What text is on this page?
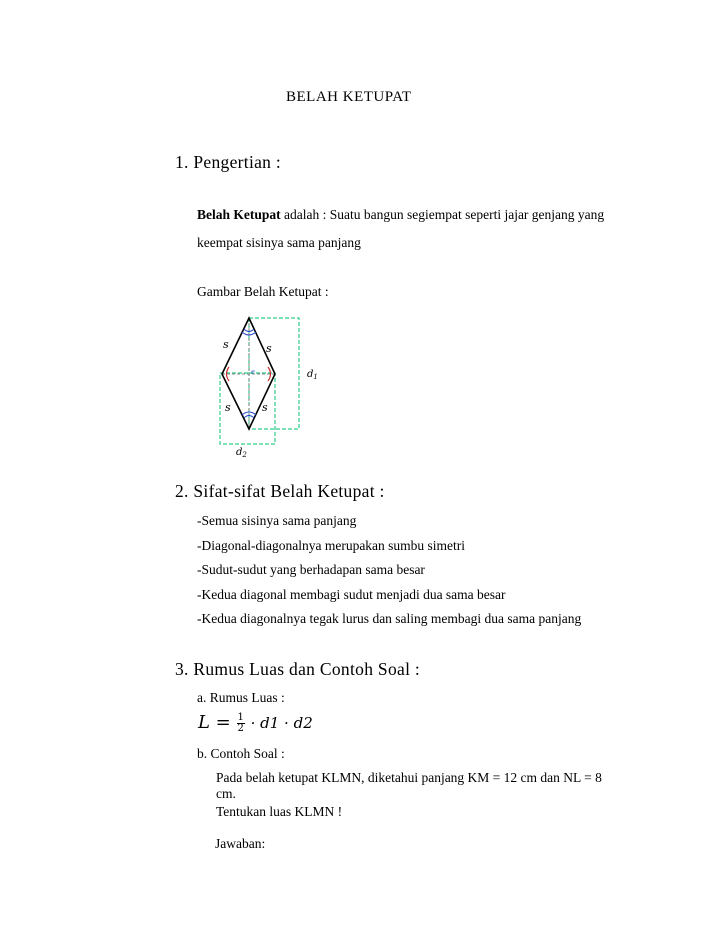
BELAH KETUPAT
1. Pengertian :
Belah Ketupat adalah : Suatu bangun segiempat seperti jajar genjang yang
keempat sisinya sama panjang
Gambar Belah Ketupat :
s	s
s	s
$d_1$
$d_2$
2. Sifat-sifat Belah Ketupat :
-Semua sisinya sama panjang
-Diagonal-diagonalnya merupakan sumbu simetri
-Sudut-sudut yang berhadapan sama besar
-Kedua diagonal membagi sudut menjadi dua sama besar
-Kedua diagonalnya tegak lurus dan saling membagi dua sama panjang
3. Rumus Luas dan Contoh Soal :
a. Rumus Luas :
$L = \frac{1}{2} \cdot d1 \cdot d2$
b. Contoh Soal :
Pada belah ketupat KLMN, diketahui panjang KM = 12 cm dan NL = 8
cm.
Tentukan luas KLMN !
Jawaban:
